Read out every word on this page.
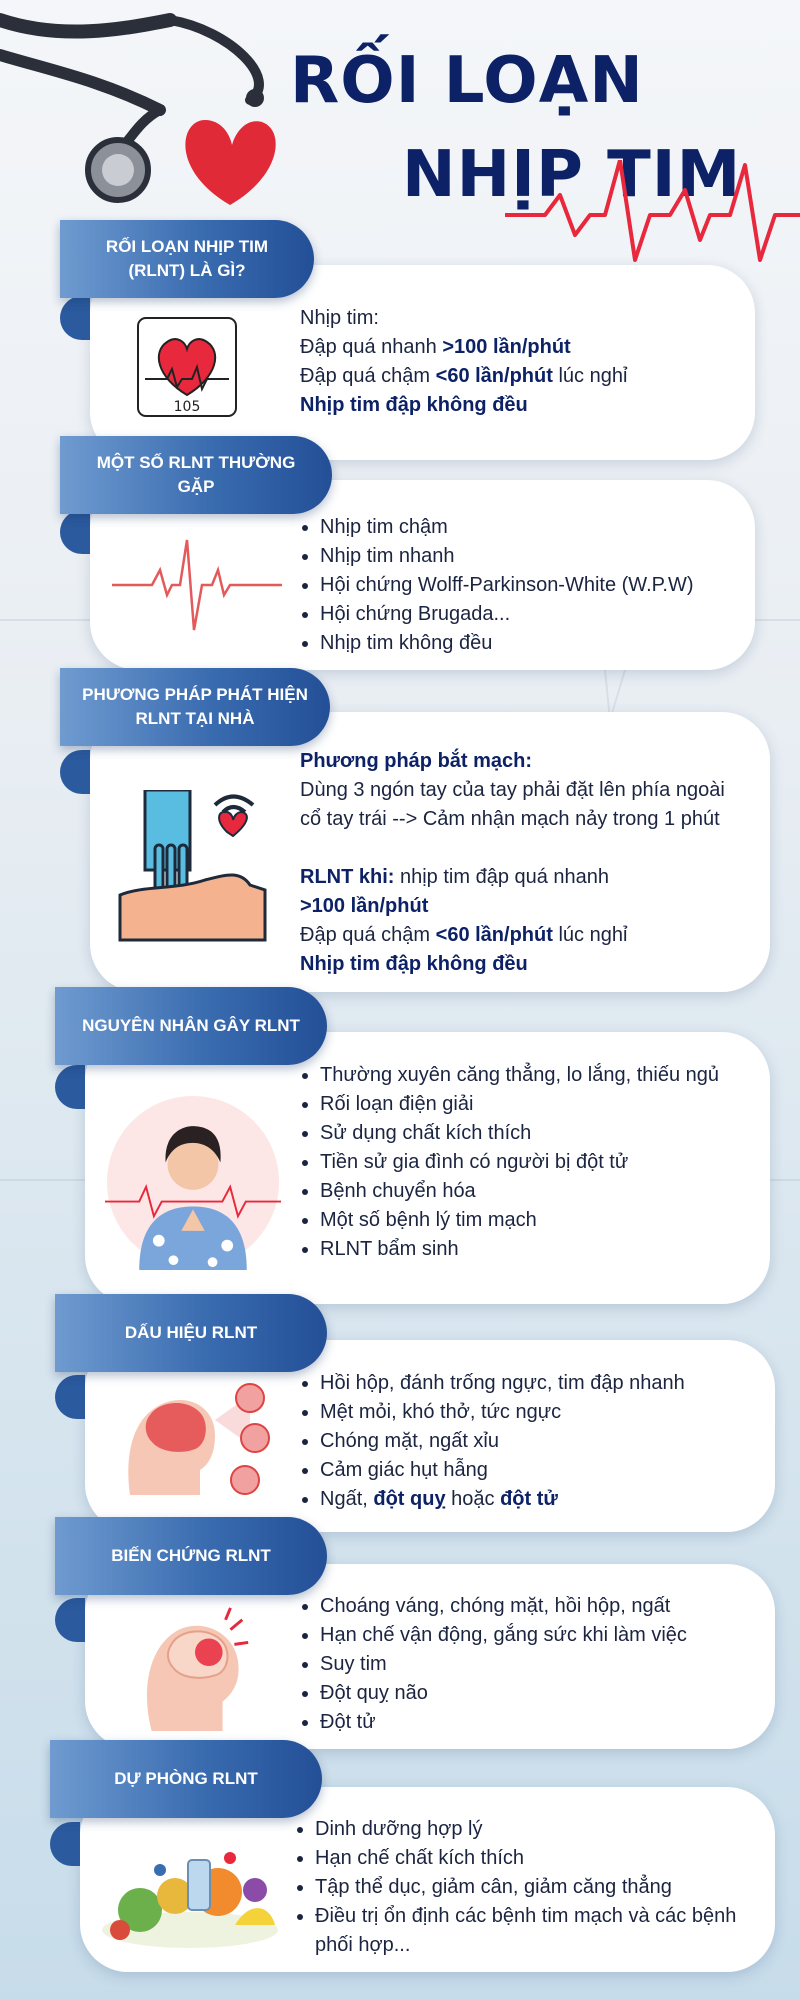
RỐI LOẠN
NHỊP TIM
RỐI LOẠN NHỊP TIM
(RLNT) LÀ GÌ?
105
Nhịp tim:
Đập quá nhanh >100 lần/phút
Đập quá chậm <60 lần/phút lúc nghỉ
Nhịp tim đập không đều
MỘT SỐ RLNT THƯỜNG GẶP
• Nhịp tim chậm
• Nhịp tim nhanh
• Hội chứng Wolff-Parkinson-White (W.P.W)
• Hội chứng Brugada...
• Nhịp tim không đều
PHƯƠNG PHÁP PHÁT HIỆN
RLNT TẠI NHÀ
Phương pháp bắt mạch:
Dùng 3 ngón tay của tay phải đặt lên phía ngoài
cổ tay trái --> Cảm nhận mạch nảy trong 1 phút
RLNT khi: nhịp tim đập quá nhanh
>100 lần/phút
Đập quá chậm <60 lần/phút lúc nghỉ
Nhịp tim đập không đều
NGUYÊN NHÂN GÂY RLNT
• Thường xuyên căng thẳng, lo lắng, thiếu ngủ
• Rối loạn điện giải
• Sử dụng chất kích thích
• Tiền sử gia đình có người bị đột tử
• Bệnh chuyển hóa
• Một số bệnh lý tim mạch
• RLNT bẩm sinh
DẤU HIỆU RLNT
• Hồi hộp, đánh trống ngực, tim đập nhanh
• Mệt mỏi, khó thở, tức ngực
• Chóng mặt, ngất xỉu
• Cảm giác hụt hẫng
• Ngất, đột quỵ hoặc đột tử
BIẾN CHỨNG RLNT
• Choáng váng, chóng mặt, hồi hộp, ngất
• Hạn chế vận động, gắng sức khi làm việc
• Suy tim
• Đột quỵ não
• Đột tử
DỰ PHÒNG RLNT
• Dinh dưỡng hợp lý
• Hạn chế chất kích thích
• Tập thể dục, giảm cân, giảm căng thẳng
• Điều trị ổn định các bệnh tim mạch và các bệnh phối hợp...
